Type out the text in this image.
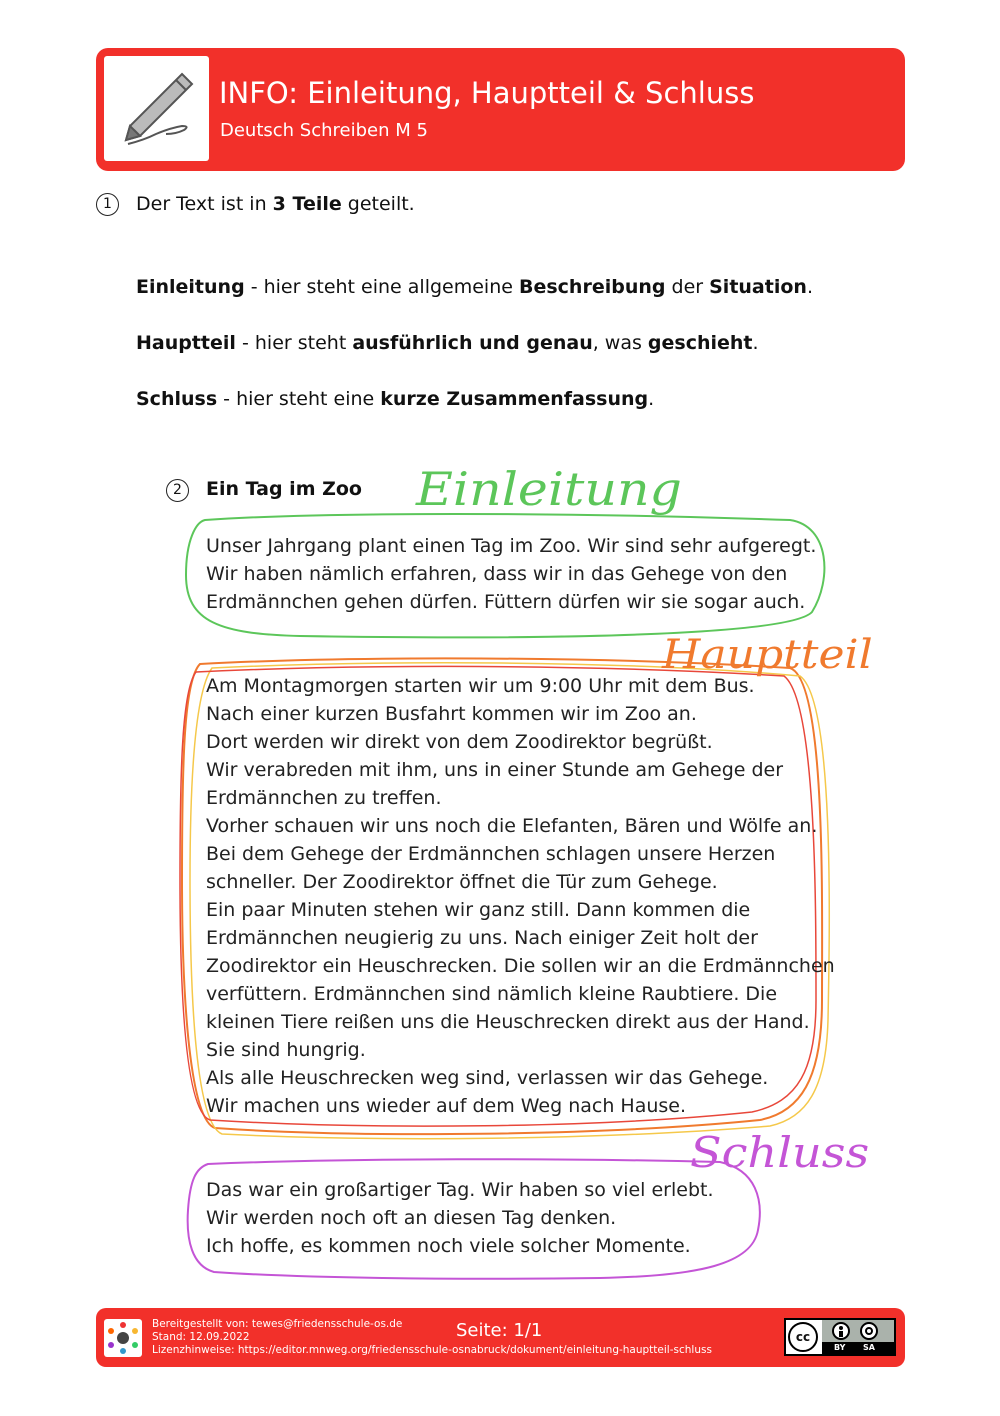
INFO: Einleitung, Hauptteil & Schluss
Deutsch Schreiben M 5
1	Der Text ist in 3 Teile geteilt.
Einleitung - hier steht eine allgemeine Beschreibung der Situation.
Hauptteil - hier steht ausführlich und genau, was geschieht.
Schluss - hier steht eine kurze Zusammenfassung.
2	Ein Tag im Zoo Einleitung
Hauptteil
Schluss
Unser Jahrgang plant einen Tag im Zoo. Wir sind sehr aufgeregt.
Wir haben nämlich erfahren, dass wir in das Gehege von den
Erdmännchen gehen dürfen. Füttern dürfen wir sie sogar auch.
Am Montagmorgen starten wir um 9:00 Uhr mit dem Bus.
Nach einer kurzen Busfahrt kommen wir im Zoo an.
Dort werden wir direkt von dem Zoodirektor begrüßt.
Wir verabreden mit ihm, uns in einer Stunde am Gehege der
Erdmännchen zu treffen.
Vorher schauen wir uns noch die Elefanten, Bären und Wölfe an.
Bei dem Gehege der Erdmännchen schlagen unsere Herzen
schneller. Der Zoodirektor öffnet die Tür zum Gehege.
Ein paar Minuten stehen wir ganz still. Dann kommen die
Erdmännchen neugierig zu uns. Nach einiger Zeit holt der
Zoodirektor ein Heuschrecken. Die sollen wir an die Erdmännchen
verfüttern. Erdmännchen sind nämlich kleine Raubtiere. Die
kleinen Tiere reißen uns die Heuschrecken direkt aus der Hand.
Sie sind hungrig.
Als alle Heuschrecken weg sind, verlassen wir das Gehege.
Wir machen uns wieder auf dem Weg nach Hause.
Das war ein großartiger Tag. Wir haben so viel erlebt.
Wir werden noch oft an diesen Tag denken.
Ich hoffe, es kommen noch viele solcher Momente.
Bereitgestellt von: tewes@friedensschule-os.de
Stand: 12.09.2022
Lizenzhinweise: https://editor.mnweg.org/friedensschule-osnabruck/dokument/einleitung-hauptteil-schluss
Seite: 1/1	cc
BY SA
